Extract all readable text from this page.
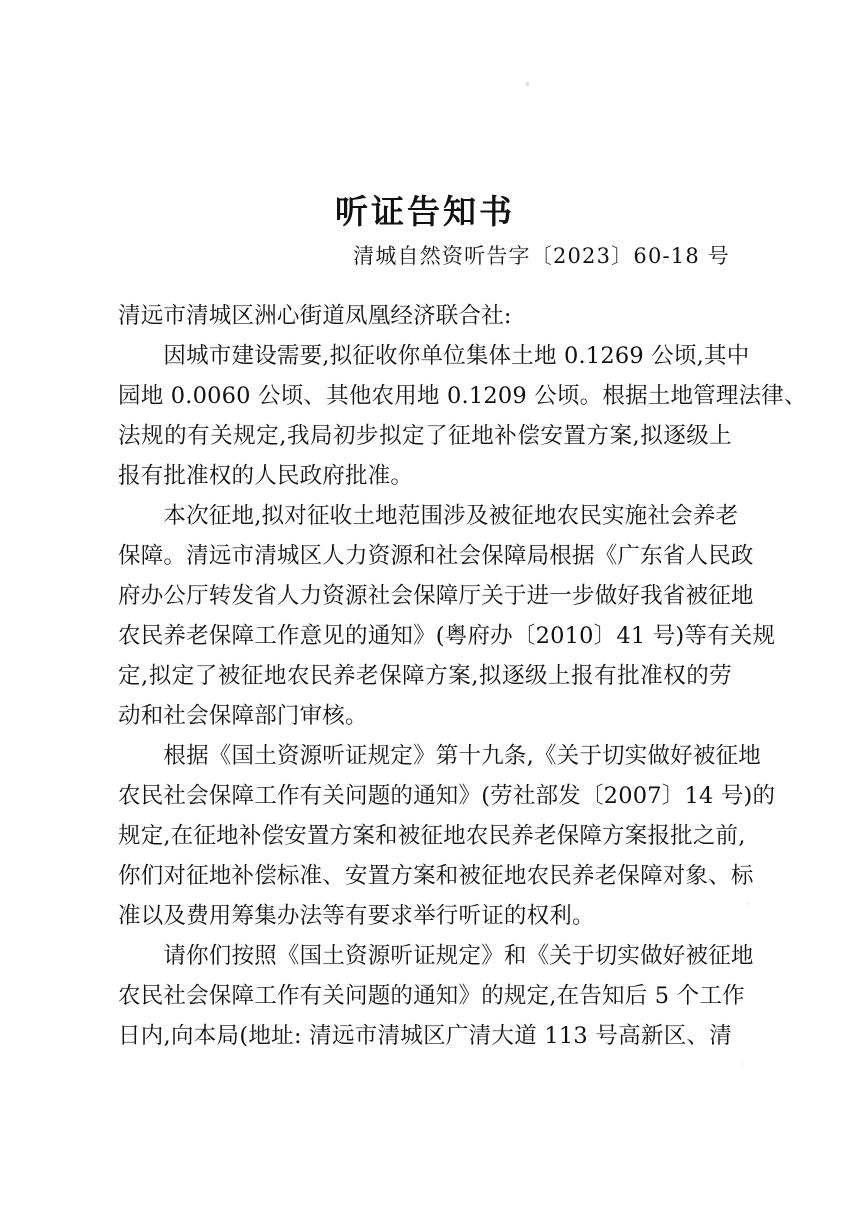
听证告知书
清城自然资听告字〔2023〕60-18 号
清远市清城区洲心街道凤凰经济联合社:
　　因城市建设需要,拟征收你单位集体土地 0.1269 公顷,其中
园地 0.0060 公顷、其他农用地 0.1209 公顷。根据土地管理法律、
法规的有关规定,我局初步拟定了征地补偿安置方案,拟逐级上
报有批准权的人民政府批准。
　　本次征地,拟对征收土地范围涉及被征地农民实施社会养老
保障。清远市清城区人力资源和社会保障局根据《广东省人民政
府办公厅转发省人力资源社会保障厅关于进一步做好我省被征地
农民养老保障工作意见的通知》(粤府办〔2010〕41 号)等有关规
定,拟定了被征地农民养老保障方案,拟逐级上报有批准权的劳
动和社会保障部门审核。
　　根据《国土资源听证规定》第十九条,《关于切实做好被征地
农民社会保障工作有关问题的通知》(劳社部发〔2007〕14 号)的
规定,在征地补偿安置方案和被征地农民养老保障方案报批之前,
你们对征地补偿标准、安置方案和被征地农民养老保障对象、标
准以及费用筹集办法等有要求举行听证的权利。
　　请你们按照《国土资源听证规定》和《关于切实做好被征地
农民社会保障工作有关问题的通知》的规定,在告知后 5 个工作
日内,向本局(地址: 清远市清城区广清大道 113 号高新区、清
